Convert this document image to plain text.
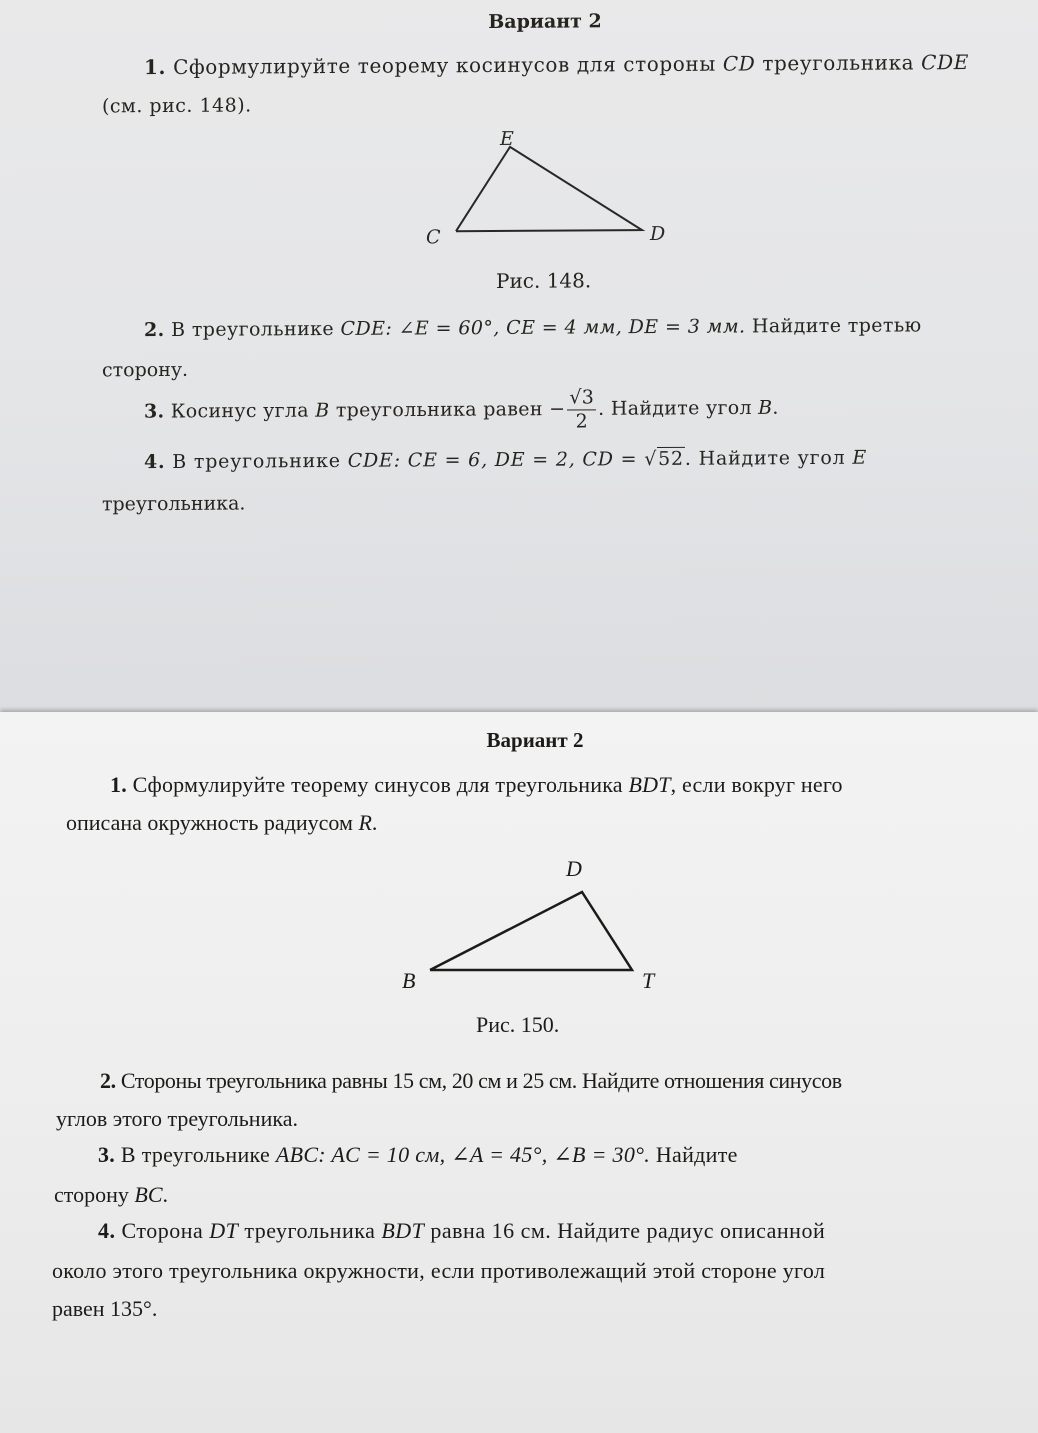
Вариант 2
1. Сформулируйте теорему косинусов для стороны CD треугольника CDE
(см. рис. 148).
E
C	D
Рис. 148.
2. В треугольнике CDE: ∠E = 60°, CE = 4 мм, DE = 3 мм. Найдите третью
сторону.
3. Косинус угла B треугольника равен − $\frac{√3}{2}$ . Найдите угол B.
4. В треугольнике CDE: CE = 6, DE = 2, CD = √52. Найдите угол E
треугольника.
Вариант 2
1. Сформулируйте теорему синусов для треугольника BDT, если вокруг него
описана окружность радиусом R.
D
B	T
Рис. 150.
2. Стороны треугольника равны 15 см, 20 см и 25 см. Найдите отношения синусов
углов этого треугольника.
3. В треугольнике ABC: AC = 10 см, ∠A = 45°, ∠B = 30°. Найдите
сторону BC.
4. Сторона DT треугольника BDT равна 16 см. Найдите радиус описанной
около этого треугольника окружности, если противолежащий этой стороне угол
равен 135°.
